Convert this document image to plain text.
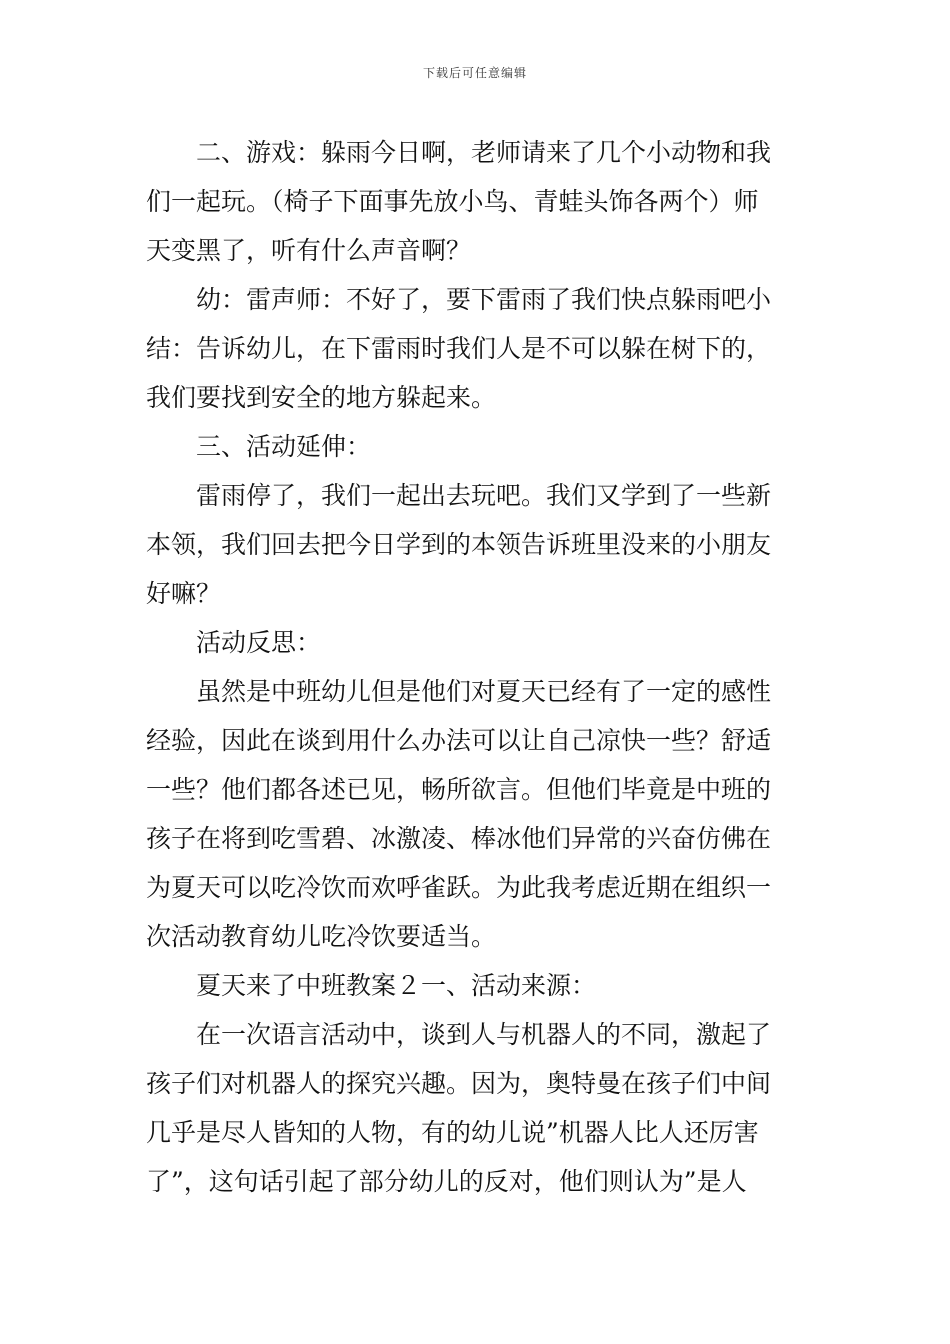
下载后可任意编辑
二、游戏：躲雨今日啊，老师请来了几个小动物和我
们一起玩。（椅子下面事先放小鸟、青蛙头饰各两个）师
天变黑了，听有什么声音啊？
幼：雷声师：不好了，要下雷雨了我们快点躲雨吧小
结：告诉幼儿，在下雷雨时我们人是不可以躲在树下的，
我们要找到安全的地方躲起来。
三、活动延伸：
雷雨停了，我们一起出去玩吧。我们又学到了一些新
本领，我们回去把今日学到的本领告诉班里没来的小朋友
好嘛？
活动反思：
虽然是中班幼儿但是他们对夏天已经有了一定的感性
经验，因此在谈到用什么办法可以让自己凉快一些？舒适
一些？他们都各述已见，畅所欲言。但他们毕竟是中班的
孩子在将到吃雪碧、冰激凌、棒冰他们异常的兴奋仿佛在
为夏天可以吃冷饮而欢呼雀跃。为此我考虑近期在组织一
次活动教育幼儿吃冷饮要适当。
夏天来了中班教案２一、活动来源：
在一次语言活动中，谈到人与机器人的不同，激起了
孩子们对机器人的探究兴趣。因为，奥特曼在孩子们中间
几乎是尽人皆知的人物，有的幼儿说”机器人比人还厉害
了”，这句话引起了部分幼儿的反对，他们则认为”是人
